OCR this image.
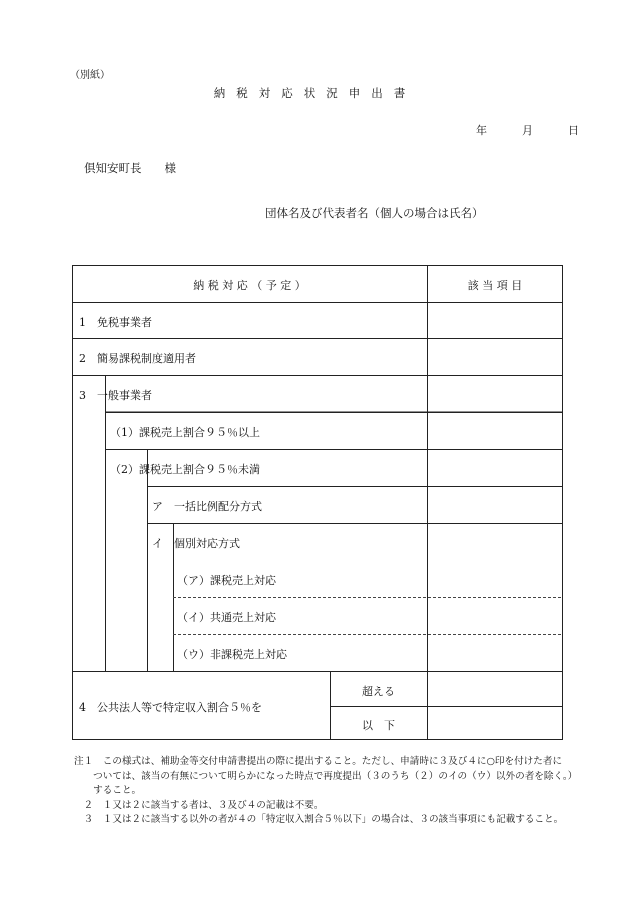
（別紙）
納税対応状況申出書
年	月	日
倶知安町長　　様
団体名及び代表者名（個人の場合は氏名）
納 税 対 応 （ 予 定 ）	該 当 項 目
1　免税事業者
2　簡易課税制度適用者
3　一般事業者
（1）課税売上割合９５％以上
（2）課税売上割合９５％未満
ア　一括比例配分方式
イ　個別対応方式
（ア）課税売上対応
（イ）共通売上対応
（ウ）非課税売上対応
4　公共法人等で特定収入割合５％を
超える
以　下
注１　この様式は、補助金等交付申請書提出の際に提出すること。ただし、申請時に３及び４に○印を付けた者に
　　ついては、該当の有無について明らかになった時点で再度提出（３のうち（２）のイの（ウ）以外の者を除く。）
　　すること。
　２　１又は２に該当する者は、３及び４の記載は不要。
　３　１又は２に該当する以外の者が４の「特定収入割合５％以下」の場合は、３の該当事項にも記載すること。
